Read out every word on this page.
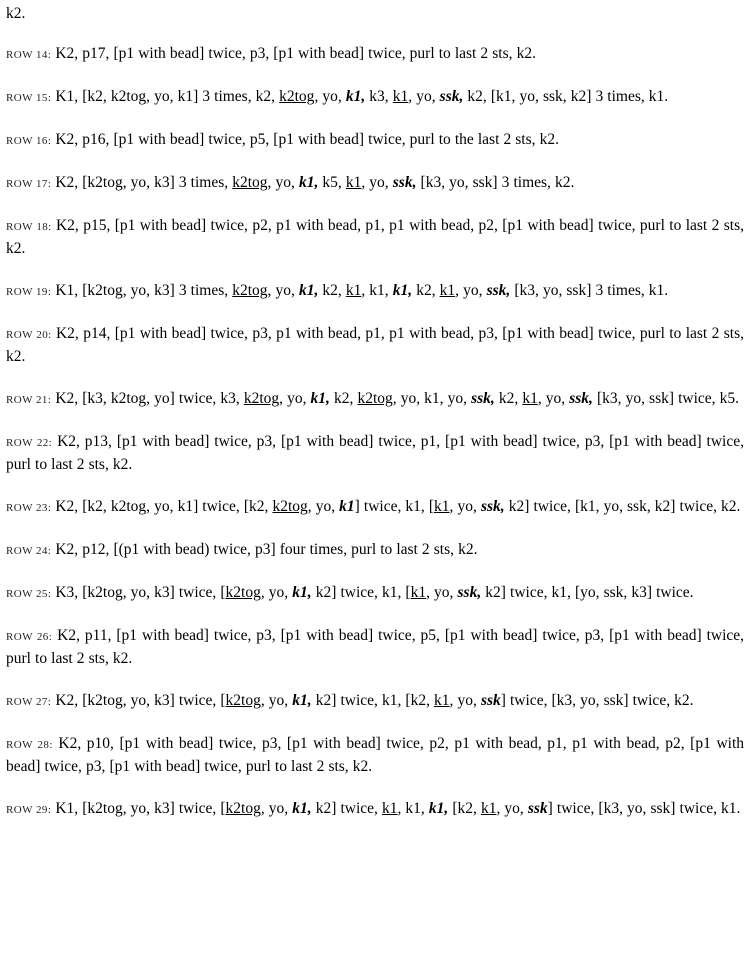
k2.

ROW 14: K2, p17, [p1 with bead] twice, p3, [p1 with bead] twice, purl to last 2 sts, k2.

ROW 15: K1, [k2, k2tog, yo, k1] 3 times, k2, k2tog, yo, k1, k3, k1, yo, ssk, k2, [k1, yo, ssk, k2] 3 times, k1.

ROW 16: K2, p16, [p1 with bead] twice, p5, [p1 with bead] twice, purl to the last 2 sts, k2.

ROW 17: K2, [k2tog, yo, k3] 3 times, k2tog, yo, k1, k5, k1, yo, ssk, [k3, yo, ssk] 3 times, k2.

ROW 18: K2, p15, [p1 with bead] twice, p2, p1 with bead, p1, p1 with bead, p2, [p1 with bead] twice, purl to last 2 sts, k2.

ROW 19: K1, [k2tog, yo, k3] 3 times, k2tog, yo, k1, k2, k1, k1, k1, k2, k1, yo, ssk, [k3, yo, ssk] 3 times, k1.

ROW 20: K2, p14, [p1 with bead] twice, p3, p1 with bead, p1, p1 with bead, p3, [p1 with bead] twice, purl to last 2 sts, k2.

ROW 21: K2, [k3, k2tog, yo] twice, k3, k2tog, yo, k1, k2, k2tog, yo, k1, yo, ssk, k2, k1, yo, ssk, [k3, yo, ssk] twice, k5.

ROW 22: K2, p13, [p1 with bead] twice, p3, [p1 with bead] twice, p1, [p1 with bead] twice, p3, [p1 with bead] twice, purl to last 2 sts, k2.

ROW 23: K2, [k2, k2tog, yo, k1] twice, [k2, k2tog, yo, k1] twice, k1, [k1, yo, ssk, k2] twice, [k1, yo, ssk, k2] twice, k2.

ROW 24: K2, p12, [(p1 with bead) twice, p3] four times, purl to last 2 sts, k2.

ROW 25: K3, [k2tog, yo, k3] twice, [k2tog, yo, k1, k2] twice, k1, [k1, yo, ssk, k2] twice, k1, [yo, ssk, k3] twice.

ROW 26: K2, p11, [p1 with bead] twice, p3, [p1 with bead] twice, p5, [p1 with bead] twice, p3, [p1 with bead] twice, purl to last 2 sts, k2.

ROW 27: K2, [k2tog, yo, k3] twice, [k2tog, yo, k1, k2] twice, k1, [k2, k1, yo, ssk] twice, [k3, yo, ssk] twice, k2.

ROW 28: K2, p10, [p1 with bead] twice, p3, [p1 with bead] twice, p2, p1 with bead, p1, p1 with bead, p2, [p1 with bead] twice, p3, [p1 with bead] twice, purl to last 2 sts, k2.

ROW 29: K1, [k2tog, yo, k3] twice, [k2tog, yo, k1, k2] twice, k1, k1, k1, [k2, k1, yo, ssk] twice, [k3, yo, ssk] twice, k1.
